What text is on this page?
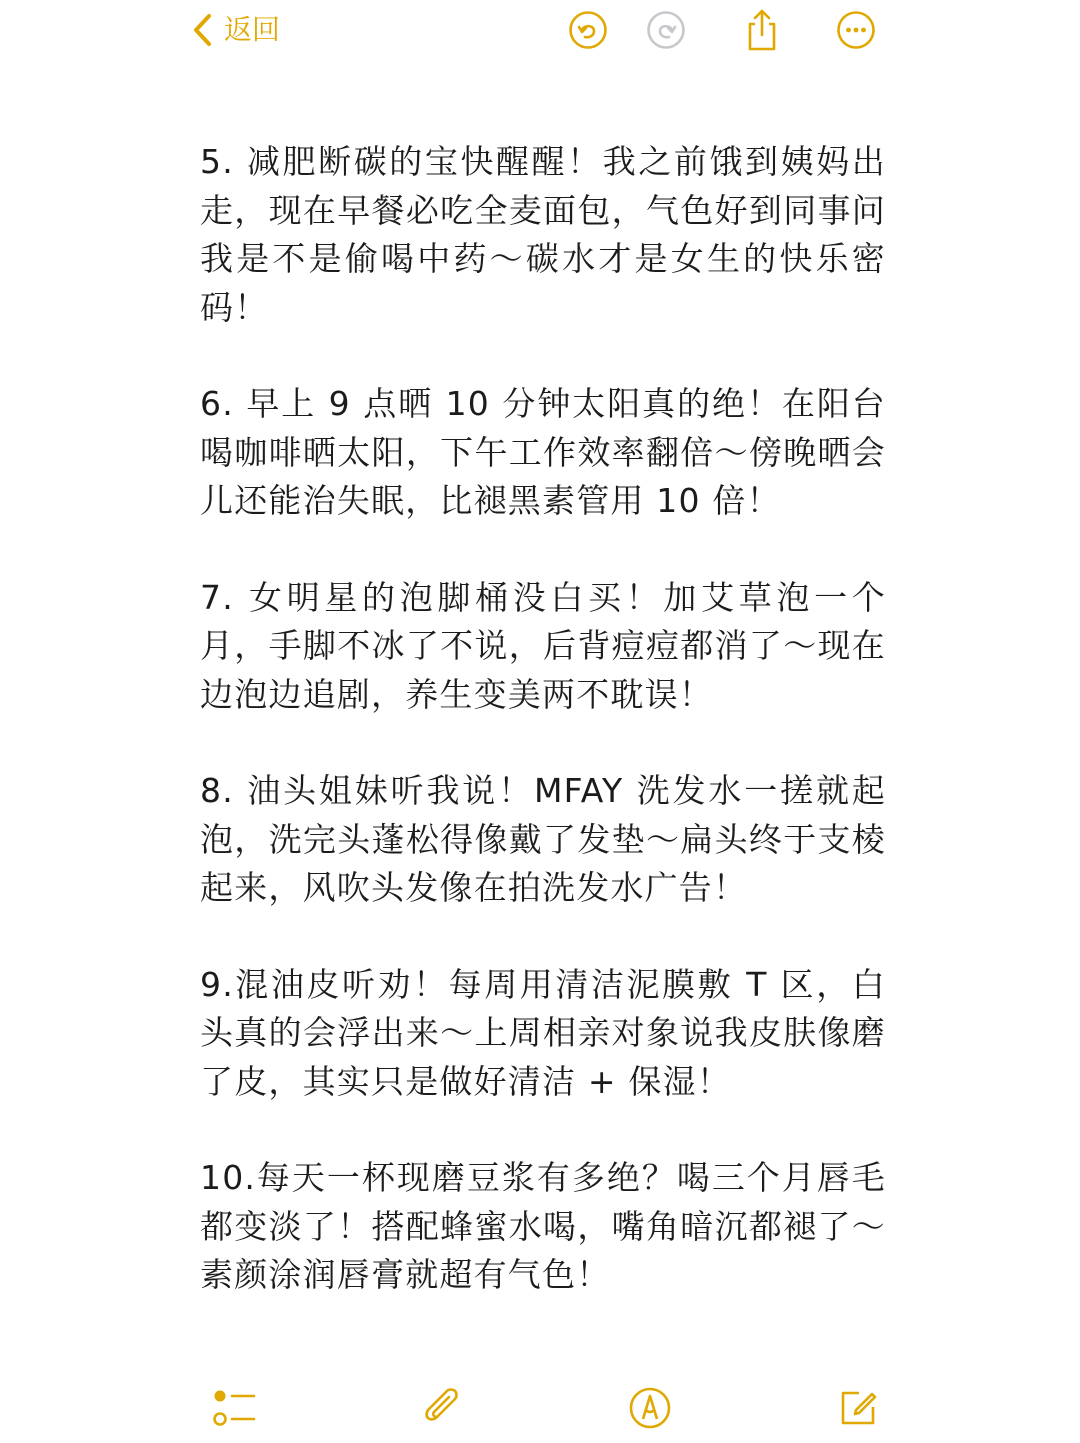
返回

5. 减肥断碳的宝快醒醒！我之前饿到姨妈出走，现在早餐必吃全麦面包，气色好到同事问我是不是偷喝中药～碳水才是女生的快乐密码！

6. 早上 9 点晒 10 分钟太阳真的绝！在阳台喝咖啡晒太阳，下午工作效率翻倍～傍晚晒会儿还能治失眠，比褪黑素管用 10 倍！

7. 女明星的泡脚桶没白买！加艾草泡一个月，手脚不冰了不说，后背痘痘都消了～现在边泡边追剧，养生变美两不耽误！

8. 油头姐妹听我说！MFAY 洗发水一搓就起泡，洗完头蓬松得像戴了发垫～扁头终于支棱起来，风吹头发像在拍洗发水广告！

9.混油皮听劝！每周用清洁泥膜敷 T 区，白头真的会浮出来～上周相亲对象说我皮肤像磨了皮，其实只是做好清洁 + 保湿！

10.每天一杯现磨豆浆有多绝？喝三个月唇毛都变淡了！搭配蜂蜜水喝，嘴角暗沉都褪了～素颜涂润唇膏就超有气色！
